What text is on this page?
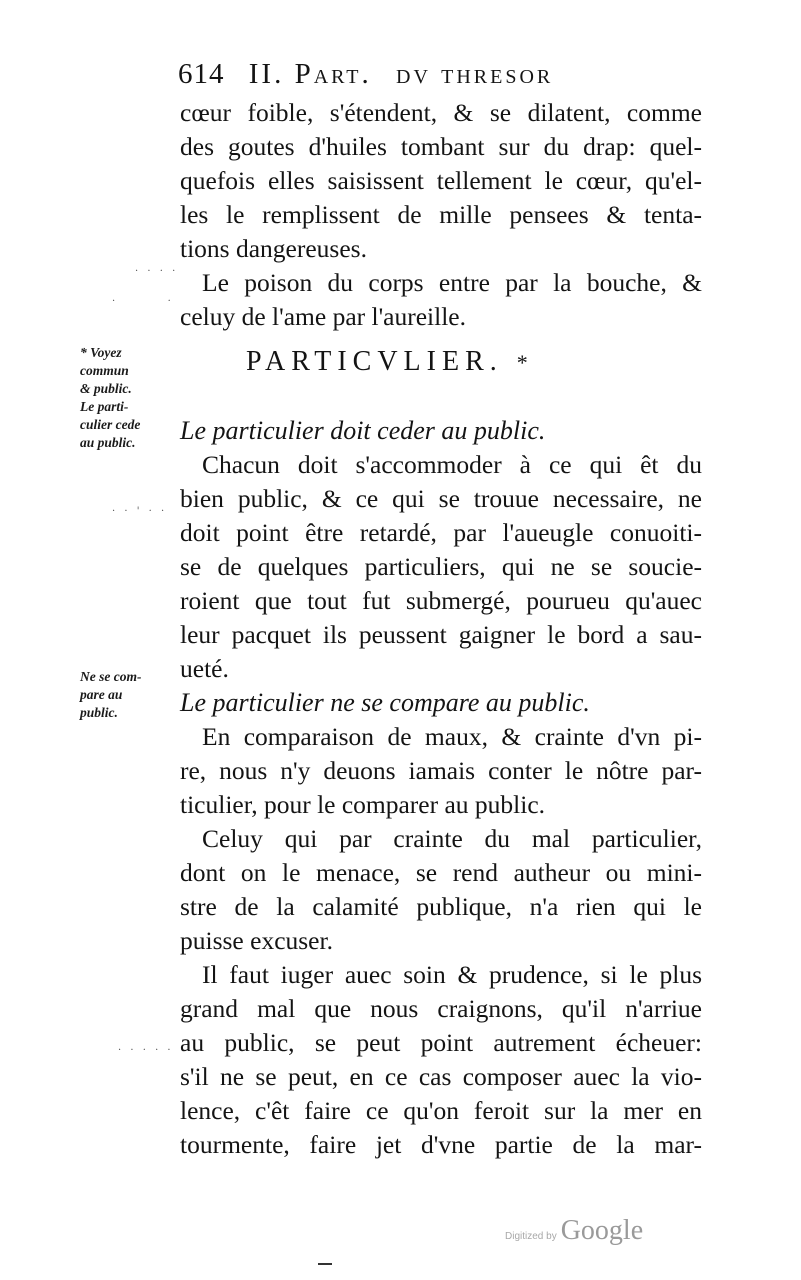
614 II. Part. dv thresor
cœur foible, s'étendent, & se dilatent, comme
des goutes d'huiles tombant sur du drap: quel-
quefois elles saisissent tellement le cœur, qu'el-
les le remplissent de mille pensees & tenta-
tions dangereuses.
Le poison du corps entre par la bouche, &
celuy de l'ame par l'aureille.
Le particulier doit ceder au public.
Chacun doit s'accommoder à ce qui êt du
bien public, & ce qui se trouue necessaire, ne
doit point être retardé, par l'aueugle conuoiti-
se de quelques particuliers, qui ne se soucie-
roient que tout fut submergé, pourueu qu'auec
leur pacquet ils peussent gaigner le bord a sau-
ueté.
Le particulier ne se compare au public.
En comparaison de maux, & crainte d'vn pi-
re, nous n'y deuons iamais conter le nôtre par-
ticulier, pour le comparer au public.
Celuy qui par crainte du mal particulier,
dont on le menace, se rend autheur ou mini-
stre de la calamité publique, n'a rien qui le
puisse excuser.
Il faut iuger auec soin & prudence, si le plus
grand mal que nous craignons, qu'il n'arriue
au public, se peut point autrement écheuer:
s'il ne se peut, en ce cas composer auec la vio-
lence, c'êt faire ce qu'on feroit sur la mer en
tourmente, faire jet d'vne partie de la mar-
PARTICVLIER. *
* Voyez
commun
& public.
Le parti-
culier cede
au public.
Ne se com-
pare au
public.
· · · ·
·        ·
· · ' · ·
· · · · ·
Digitized by Google
